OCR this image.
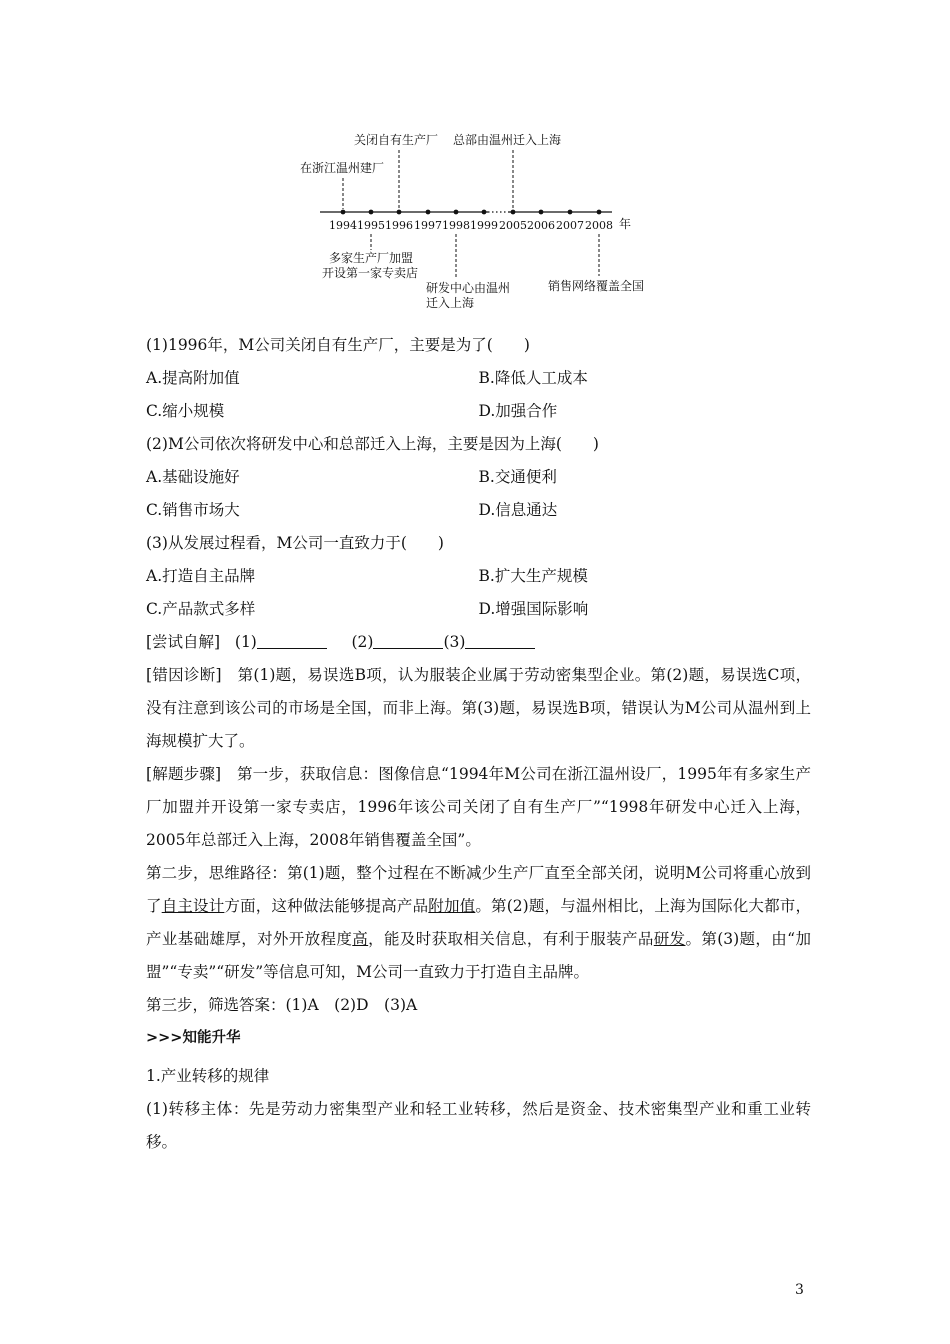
1994 1995 1996 1997 1998 1999 2005 2006 2007 2008 年
在浙江温州建厂
关闭自有生产厂 总部由温州迁入上海
多家生产厂加盟
开设第一家专卖店
研发中心由温州
迁入上海
销售网络覆盖全国
(1)1996年，M公司关闭自有生产厂，主要是为了(　　)
A.提高附加值	B.降低人工成本
C.缩小规模	D.加强合作
(2)M公司依次将研发中心和总部迁入上海，主要是因为上海(　　)
A.基础设施好	B.交通便利
C.销售市场大	D.信息通达
(3)从发展过程看，M公司一直致力于(　　)
A.打造自主品牌	B.扩大生产规模
C.产品款式多样	D.增强国际影响
[尝试自解] (1)	(2)	(3)
[错因诊断]　第(1)题，易误选B项，认为服装企业属于劳动密集型企业。第(2)题，易误选C项，没有注意到该公司的市场是全国，而非上海。第(3)题，易误选B项，错误认为M公司从温州到上海规模扩大了。
[解题步骤]　第一步，获取信息：图像信息“1994年M公司在浙江温州设厂，1995年有多家生产厂加盟并开设第一家专卖店，1996年该公司关闭了自有生产厂”“1998年研发中心迁入上海，2005年总部迁入上海，2008年销售覆盖全国”。
第二步，思维路径：第(1)题，整个过程在不断减少生产厂直至全部关闭，说明M公司将重心放到了自主设计方面，这种做法能够提高产品附加值。第(2)题，与温州相比，上海为国际化大都市，产业基础雄厚，对外开放程度高，能及时获取相关信息，有利于服装产品研发。第(3)题，由“加盟”“专卖”“研发”等信息可知，M公司一直致力于打造自主品牌。
第三步，筛选答案：(1)A　(2)D　(3)A
>>>知能升华
1.产业转移的规律
(1)转移主体：先是劳动力密集型产业和轻工业转移，然后是资金、技术密集型产业和重工业转移。
3
